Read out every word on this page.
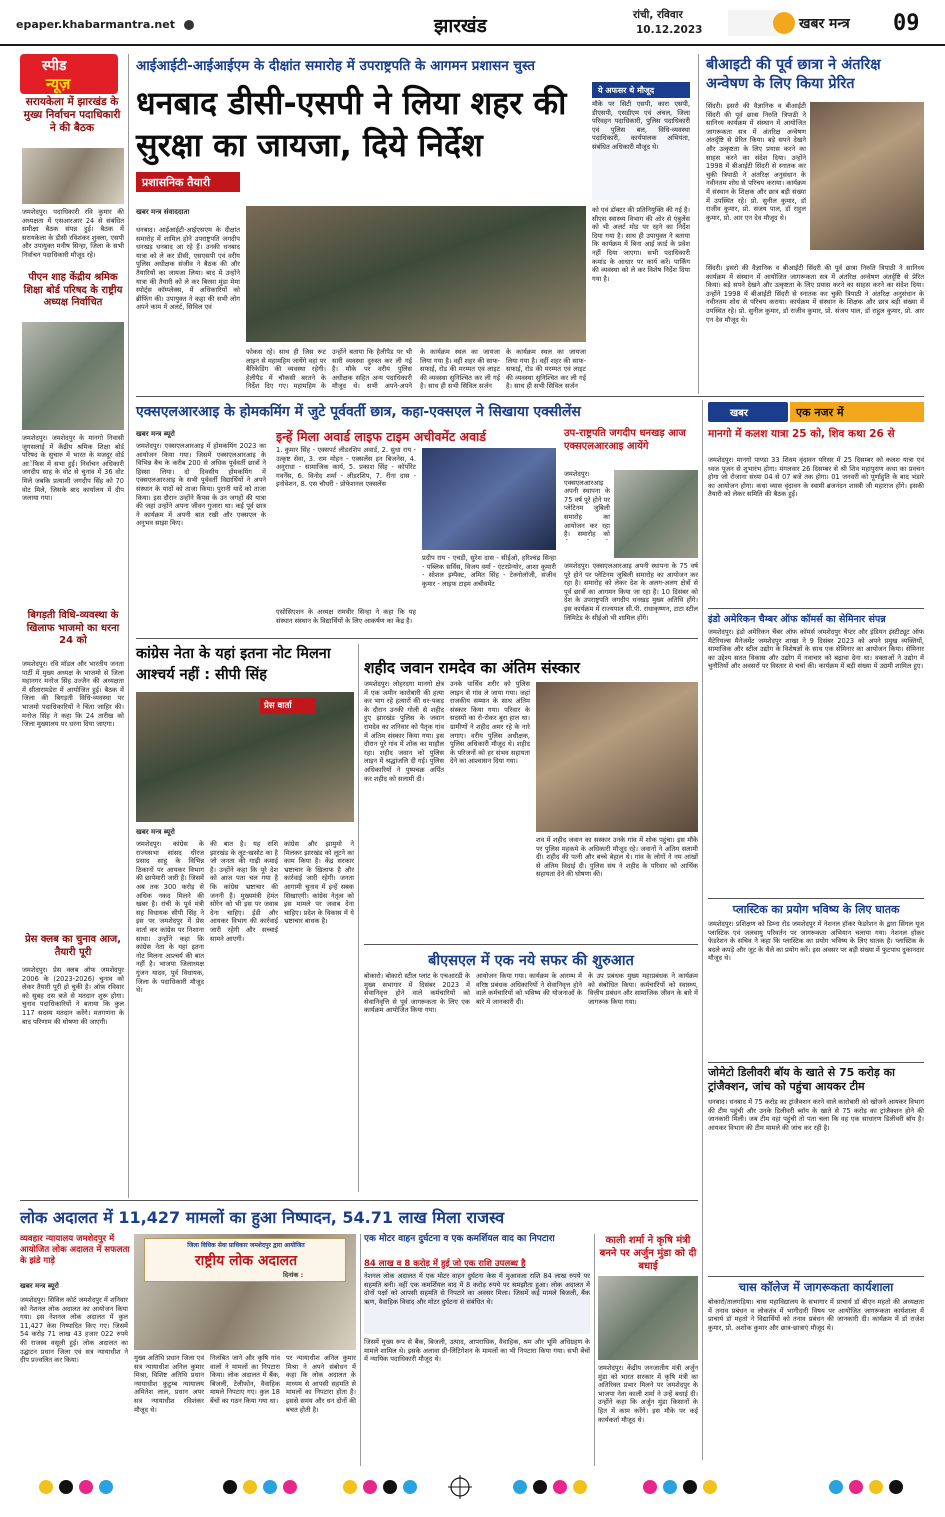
epaper.khabarmantra.net	झारखंड	रांची, रविवार
10.12.2023	खबर मन्त्र 09
स्पीड
न्यूज़
सरायकेला में झारखंड के मुख्य निर्वाचन पदाधिकारी ने की बैठक
जमशेदपुर। पदाधिकारी रवि कुमार की अध्यक्षता में एसआरआर 24 से संबंधित समीक्षा बैठक संपन्न हुई। बैठक में सरायकेला के डीसी रविशंकर शुक्ला, एसपी और उपायुक्त मनीष सिन्हा, जिला के सभी निर्वाचन पदाधिकारी मौजूद रहे।
पीएन शाह केंद्रीय श्रमिक शिक्षा बोर्ड परिषद के राष्ट्रीय अध्यक्ष निर्वाचित
जमशेदपुर। जमशेदपुर के मानगो निवासी जुगसलाई में केंद्रीय श्रमिक शिक्षा बोर्ड परिषद के सुचारु में भारत के मजदूर वोर्ड आॅफिस में सभा हुई। निर्वाचन अधिकारी जगदीप साह के वोट से चुनाव में 36 वोट मिले जबकि प्रत्याशी जगदीप सिंह को 70 वोट मिले, जिसके बाद कार्यालय में दीप जलाया गया।
बिगड़ती विधि-व्यवस्था के खिलाफ भाजमो का धरना 24 को
जमशेदपुर। रवि मॉडल और भारतीय जनता पार्टी में मुख्य अध्यक्ष के भाजमो से जिला महानगर मनोज सिंह उज्जैन की अध्यक्षता में सीतारामडेरा में आयोजित हुई। बैठक में जिला की बिगड़ती विधि-व्यवस्था पर भाजमो पदाधिकारियों ने चिंता जाहिर की। मनोज सिंह ने कहा कि 24 तारीख को जिला मुख्यालय पर धरना दिया जाएगा।
प्रेस क्लब का चुनाव आज, तैयारी पूरी
जमशेदपुर। प्रेस क्लब ऑफ जमशेदपुर 2006 के (2023-2026) चुनाव को लेकर तैयारी पूरी हो चुकी है। ऑफ रविवार को सुबह दस बजे से मतदान शुरू होगा। चुनाव पदाधिकारियों ने बताया कि कुल 117 सदस्य मतदान करेंगे। मतगणना के बाद परिणाम की घोषणा की जाएगी।
आईआईटी-आईआईएम के दीक्षांत समारोह में उपराष्ट्रपति के आगमन प्रशासन चुस्त
धनबाद डीसी-एसपी ने लिया शहर की सुरक्षा का जायजा, दिये निर्देश
प्रशासनिक तैयारी
खबर मन्त्र संवाददाता
धनबाद। आईआईटी-आईएसएम के दीक्षांत समारोह में शामिल होने उपराष्ट्रपति जगदीप धनखड़ धनबाद आ रहे हैं। उनकी धनबाद यात्रा को ले कर डीसी, एसएसपी एवं वरीय पुलिस अधीक्षक संजीव ने बैठक की और तैयारियों का जायजा लिया। बाद में उन्होंने यात्रा की तैयारी को ले कर बिरसा मुंडा मेमा स्पोर्ट्स कॉम्प्लेक्स, में अधिकारियों को ब्रीफिंग की। उपायुक्त ने कहा की सभी लोग अपने काम में अलर्ट, सिविल एवं
फोकस रहे। साथ ही जिस रूट लाइन से महामहिम जायेंगे वहां पर बैरिकेडिंग की व्यवस्था रहेगी। हेलीपैड में चौकसी बरतने के निर्देश दिए गए। महामहिम के
उन्होंने बताया कि हैलीपैड पर भी सारी व्यवस्था दुरुस्त कर ली गई है। मौके पर वरीय पुलिस अधीक्षक सहित अन्य पदाधिकारी मौजूद थे। सभी अपने-अपने
के कार्यक्रम स्थल का जायजा लिया गया है। वहीं शहर की साफ-सफाई, रोड की मरम्मत एवं लाइट की व्यवस्था सुनिश्चित कर ली गई है। साथ ही सभी सिविल सर्जन
के कार्यक्रम स्थल का जायजा लिया गया है। वहीं शहर की साफ-सफाई, रोड की मरम्मत एवं लाइट की व्यवस्था सुनिश्चित कर ली गई है। साथ ही सभी सिविल सर्जन
ये अफसर थे मौजूद
मौके पर सिटी एसपी, कारा एसपी, डीएसपी, एसडीएम एवं अंचल, जिला परिवहन पदाधिकारी, पुलिस पदाधिकारी एवं पुलिस बल, विधि-व्यवस्था पदाधिकारी, कार्यपालक अभियंता, संबंधित अधिकारी मौजूद थे।
को एवं डॉक्टर की प्रतिनियुक्ति की गई है। सीएस स्वास्थ्य विभाग की ओर से एंबुलेंस को भी अलर्ट मोड पर रहने का निर्देश दिया गया है। साथ ही उपायुक्त ने बताया कि कार्यक्रम में बिना आई कार्ड के प्रवेश नहीं दिया जाएगा। सभी पदाधिकारी कमांड के आधार पर कार्य करें। पार्किंग की व्यवस्था को ले कर विशेष निर्देश दिया गया है।
बीआइटी की पूर्व छात्रा ने अंतरिक्ष अन्वेषण के लिए किया प्रेरित
सिंदरी। इसरो की वैज्ञानिक व बीआईटी सिंदरी की पूर्व छात्रा निरुति त्रिपाठी ने सानिध्य कार्यक्रम में संस्थान में आयोजित जागरूकता सत्र में अंतरिक्ष अन्वेषण अंतर्दृष्टि से प्रेरित किया। बड़े सपने देखने और उत्कृष्टता के लिए प्रयास करने का साहस करने का संदेश दिया। उन्होंने 1998 में बीआईटी सिंदरी से स्नातक कर चुकी त्रिपाठी ने अंतरिक्ष अनुसंधान के नवीनतम शोध से परिचय कराया। कार्यक्रम में संस्थान के शिक्षक और छात्र बड़ी संख्या में उपस्थित रहे। प्रो. सुनील कुमार, डॉ राजीव कुमार, प्रो. संजय पाल, डॉ राहुल कुमार, प्रो. आर एन देव मौजूद थे।
सिंदरी। इसरो की वैज्ञानिक व बीआईटी सिंदरी की पूर्व छात्रा निरुति त्रिपाठी ने सानिध्य कार्यक्रम में संस्थान में आयोजित जागरूकता सत्र में अंतरिक्ष अन्वेषण अंतर्दृष्टि से प्रेरित किया। बड़े सपने देखने और उत्कृष्टता के लिए प्रयास करने का साहस करने का संदेश दिया। उन्होंने 1998 में बीआईटी सिंदरी से स्नातक कर चुकी त्रिपाठी ने अंतरिक्ष अनुसंधान के नवीनतम शोध से परिचय कराया। कार्यक्रम में संस्थान के शिक्षक और छात्र बड़ी संख्या में उपस्थित रहे। प्रो. सुनील कुमार, डॉ राजीव कुमार, प्रो. संजय पाल, डॉ राहुल कुमार, प्रो. आर एन देव मौजूद थे।
एक्सएलआरआइ के होमकमिंग में जुटे पूर्ववर्ती छात्र, कहा-एक्सएल ने सिखाया एक्सीलेंस
खबर मन्त्र ब्यूरो
जमशेदपुर। एक्सएलआरआइ में होमकमिंग 2023 का आयोजन किया गया। जिसमें एक्सएलआरआइ के विभिन्न बैच के करीब 200 से अधिक पूर्ववर्ती छात्रों ने हिस्सा लिया। दो दिवसीय होमकमिंग में एक्सएलआरआइ के सभी पूर्ववर्ती विद्यार्थियों ने अपने संस्थान के यादों को ताजा किया। पुरानी यादें को ताजा किया। इस दौरान उन्होंने कैंपस के उन जगहों की यात्रा की जहां उन्होंने अपना जीवन गुजारा था। कई पूर्व छात्र ने कार्यक्रम में अपनी बात रखी और एक्सएल के अनुभव साझा किए।
इन्हें मिला अवार्ड लाइफ टाइम अचीवमेंट अवार्ड
1. कुमार सिंह - एक्सपर्ट लीडरशिप अवार्ड, 2. सुधा राय - उत्कृष्ट सेवा, 3. राम मोहन - एक्सलेंस इन बिजनेस, 4. अनुराधा - सामाजिक कार्य, 5. प्रकाश सिंह - कॉर्पोरेट गवर्नेंस, 6. विनोद शर्मा - लीडरशिप, 7. रीना दास - इनोवेशन, 8. एस चौधरी - प्रोफेशनल एक्सलेंस
प्रदीप राय - एचडी, सुरेश दास - सीईओ, हरिश्चंद्र सिन्हा - पब्लिक सर्विस, विजय वर्मा - एंटरप्रेन्योर, आशा कुमारी - सोशल इम्पैक्ट, अमित सिंह - टेक्नोलॉजी, संजीव कुमार - लाइफ टाइम अचीवमेंट
एसोसिएशन के अध्यक्ष रामवीर सिन्हा ने कहा कि यह संस्थान संस्थान के विद्यार्थियों के लिए आकर्षण का केंद्र है।
उप-राष्ट्रपति जगदीप धनखड़ आज एक्सएलआरआइ आयेंगे
जमशेदपुर। एक्सएलआरआइ अपनी स्थापना के 75 वर्ष पूरे होने पर प्लेटिनम जुबिली समारोह का आयोजन कर रहा है। समारोह को
जमशेदपुर। एक्सएलआरआइ अपनी स्थापना के 75 वर्ष पूरे होने पर प्लेटिनम जुबिली समारोह का आयोजन कर रहा है। समारोह को लेकर देश के अलग-अलग क्षेत्रों से पूर्व छात्रों का आगमन किया जा रहा है। 10 दिसंबर को देश के उपराष्ट्रपति जगदीप धनखड़ मुख्य अतिथि होंगे। इस कार्यक्रम में राज्यपाल सी.पी. राधाकृष्णन, टाटा स्टील लिमिटेड के सीईओ भी शामिल होंगे।
खबर	एक नजर में
मानगो में कलश यात्रा 25 को, शिव कथा 26 से
जमशेदपुर। मानगो पाण्डा 33 शिवम वृंदावन परिसर में 25 दिसम्बर को कलश यात्रा एवं ध्वज पूजन से शुभारंभ होगा। मंगलवार 26 दिसम्बर से श्री शिव महापुराण कथा का प्रवचन होगा जो रोजाना संध्या 04 से 07 बजे तक होगा। 01 जनवरी को पूर्णाहुति के बाद भंडारे का आयोजन होगा। कथा व्यास वृंदावन के स्वामी ब्रजनंदन शास्त्री जी महाराज होंगे। इसकी तैयारी को लेकर समिति की बैठक हुई।
इंडो अमेरिकन चैम्बर ऑफ कॉमर्स का सेमिनार संपन्न
जमशेदपुर। इंडो अमेरिकन चैंबर ऑफ कॉमर्स जमशेदपुर चैप्टर और इंडियन इंस्टीट्यूट ऑफ मैटेरियल्स मैनेजमेंट जमशेदपुर शाखा ने 9 दिसंबर 2023 को अपने प्रमुख व्यक्तियों, सामाजिक और स्टील उद्योग के विशेषज्ञों के साथ एक सेमिनार का आयोजन किया। सेमिनार का उद्देश्य सतत विकास और उद्योग में नवाचार को बढ़ावा देना था। वक्ताओं ने उद्योग में चुनौतियों और अवसरों पर विस्तार से चर्चा की। कार्यक्रम में बड़ी संख्या में उद्यमी शामिल हुए।
प्लास्टिक का प्रयोग भविष्य के लिए घातक
जमशेदपुर। प्रशिक्षण को डिम्ना रोड जमशेदपुर में नेशनल हॉकर फेडरेशन के द्वारा सिंगल यूज प्लास्टिक एवं जलवायु परिवर्तन पर जागरूकता अभियान चलाया गया। नेशनल हॉकर फेडरेशन के सचिव ने कहा कि प्लास्टिक का प्रयोग भविष्य के लिए घातक है। प्लास्टिक के बदले कपड़े और जूट के थैले का प्रयोग करें। इस अवसर पर बड़ी संख्या में फुटपाथ दुकानदार मौजूद थे।
जोमेटो डिलीवरी बॉय के खाते से 75 करोड़ का ट्रांजैक्शन, जांच को पहुंचा आयकर टीम
धनबाद। धनबाद में 75 करोड़ का ट्रांजैक्शन करने वाले कारोबारी को खोजने आयकर विभाग की टीम पहुंची और उनके डिलीवरी ब्वॉय के खाते से 75 करोड़ का ट्रांजैक्शन होने की जानकारी मिली। जब टीम वहां पहुंची तो पता चला कि वह एक साधारण डिलीवरी बॉय है। आयकर विभाग की टीम मामले की जांच कर रही है।
चास कॉलेज में जागरूकता कार्यशाला
बोकारो/तालगड़िया। चास महाविद्यालय के सभागार में प्राचार्य डॉ बीएन महतो की अध्यक्षता में तनाव प्रबंधन व लोकतंत्र में भागीदारी विषय पर आयोजित जागरूकता कार्यशाला में प्राचार्य डॉ महतो ने विद्यार्थियों को तनाव प्रबंधन की जानकारी दी। कार्यक्रम में डॉ राजेश कुमार, प्रो. अशोक कुमार और छात्र-छात्राएं मौजूद थे।
कांग्रेस नेता के यहां इतना नोट मिलना आश्चर्य नहीं : सीपी सिंह
प्रेस वार्ता
खबर मन्त्र ब्यूरो
जमशेदपुर। कांग्रेस के राज्यसभा सांसद धीरज प्रसाद साहू के विभिन्न ठिकानों पर आयकर विभाग की छापेमारी जारी है। जिसमें अब तक 300 करोड़ से अधिक नकद मिलने की खबर है। रांची के पूर्व मंत्री सह विधायक सीपी सिंह ने इस पर जमशेदपुर में प्रेस वार्ता कर कांग्रेस पर निशाना साधा। उन्होंने कहा कि कांग्रेस नेता के यहां इतना नोट मिलना आश्चर्य की बात नहीं है। भाजपा जिलाध्यक्ष गुंजन यादव, पूर्व विधायक, जिला के पदाधिकारी मौजूद थे।
की बात है। यह राशि झारखंड के लूट-खसोट का है जो जनता की गाढ़ी कमाई है। उन्होंने कहा कि पूरे देश को आज पता चल गया है कि कांग्रेस भ्रष्टाचार की जननी है। मुख्यमंत्री हेमंत सोरेन को भी इस पर जवाब देना चाहिए। ईडी और आयकर विभाग की कार्रवाई जारी रहेगी और सच्चाई सामने आएगी।
कांग्रेस और झामुमो ने मिलकर झारखंड को लूटने का काम किया है। केंद्र सरकार भ्रष्टाचार के खिलाफ है और कार्रवाई जारी रहेगी। जनता आगामी चुनाव में इन्हें सबक सिखाएगी। कांग्रेस नेतृत्व को इस मामले पर जवाब देना चाहिए। प्रदेश के विकास में ये भ्रष्टाचार बाधक है।
शहीद जवान रामदेव का अंतिम संस्कार
जमशेदपुर। लोहरदगा मानगो क्षेत्र में एक जमीन कारोबारी की हत्या कर भाग रहे हत्यारों की धर-पकड़ के दौरान उनकी गोली से शहीद हुए झारखंड पुलिस के जवान रामदेव का शनिवार को पैतृक गांव में अंतिम संस्कार किया गया। इस दौरान पूरे गांव में शोक का माहौल रहा। शहीद जवान को पुलिस लाइन में श्रद्धांजलि दी गई। पुलिस अधिकारियों ने पुष्पचक्र अर्पित कर शहीद को सलामी दी।
उनके पार्थिव शरीर को पुलिस लाइन से गांव ले जाया गया। जहां राजकीय सम्मान के साथ अंतिम संस्कार किया गया। परिवार के सदस्यों का रो-रोकर बुरा हाल था। ग्रामीणों ने शहीद अमर रहे के नारे लगाए। वरीय पुलिस अधीक्षक, पुलिस अधिकारी मौजूद थे। शहीद के परिजनों को हर संभव सहायता देने का आश्वासन दिया गया।
शव में शहीद जवान का सस्कार उनके गांव में शोक पहुंचा। इस मौके पर पुलिस महकमे के अधिकारी मौजूद रहे। जवानों ने अंतिम सलामी दी। शहीद की पत्नी और बच्चे बेहाल थे। गांव के लोगों ने नम आंखों से अंतिम विदाई दी। पुलिस संघ ने शहीद के परिवार को आर्थिक सहायता देने की घोषणा की।
बीएसएल में एक नये सफर की शुरुआत
बोकारो। बोकारो स्टील प्लांट के एचआरडी के मुख्य सभागार में दिसंबर 2023 में सेवानिवृत्त होने वाले कर्मचारियों को सेवानिवृत्ति से पूर्व जागरूकता के लिए एक कार्यक्रम आयोजित किया गया।
आयोजन किया गया। कार्यक्रम के आरम्भ में वरिष्ठ प्रबंधक अधिकारियों ने सेवानिवृत्त होने वाले कर्मचारियों को भविष्य की योजनाओं के बारे में जानकारी दी।
के उप प्रबंधक मुख्य महाप्रबंधक ने कार्यक्रम को संबोधित किया। कर्मचारियों को स्वास्थ्य, वित्तीय प्रबंधन और सामाजिक जीवन के बारे में जागरूक किया गया।
लोक अदालत में 11,427 मामलों का हुआ निष्पादन, 54.71 लाख मिला राजस्व
व्यवहार न्यायालय जमशेदपुर में आयोजित लोक अदालत में सफलता के झंडे गाड़े
खबर मन्त्र ब्यूरो
जमशेदपुर। सिविल कोर्ट जमशेदपुर में शनिवार को नेशनल लोक अदालत का आयोजन किया गया। इस नेशनल लोक अदालत में कुल 11,427 केस निष्पादित किए गए। जिसमें 54 करोड़ 71 लाख 43 हजार 022 रुपये की राजस्व वसूली हुई। लोक अदालत का उद्घाटन प्रधान जिला एवं सत्र न्यायाधीश ने दीप प्रज्वलित कर किया।
जिला विधिक सेवा प्राधिकार जमशेदपुर द्वारा आयोजित
राष्ट्रीय लोक अदालत
दिनांक :
मुख्य अतिथि प्रधान जिला एवं सत्र न्यायाधीश अनिल कुमार मिश्रा, विशिष्ट अतिथि प्रधान न्यायाधीश कुटुम्ब न्यायालय अमितेश लाल, प्रधान अपर सत्र न्यायाधीश रविशंकर मौजूद थे।
निलंबित जाने और कृषि गांव वालों ने मामलों का निपटारा किया। लोक अदालत में बैंक, बिजली, टेलीफोन, वैवाहिक मामले निपटाए गए। कुल 18 बेंचों का गठन किया गया था।
पर न्यायाधीश अनिल कुमार मिश्रा ने अपने संबोधन में कहा कि लोक अदालत के माध्यम से आपसी सहमति से मामलों का निपटारा होता है। इससे समय और धन दोनों की बचत होती है।
एक मोटर वाहन दुर्घटना व एक कमर्शियल वाद का निपटारा
84 लाख व 8 करोड़ में हुई जो एक राशि उपलब्ध है
नेशनल लोक अदालत में एक मोटर वाहन दुर्घटना केस में मुआवजा राशि 84 लाख रुपये पर सहमति बनी। वहीं एक कमर्शियल वाद में 8 करोड़ रुपये पर समझौता हुआ। लोक अदालत में दोनों पक्षों को आपसी सहमति से निपटारे का अवसर मिला। जिसमें कई मामले बिजली, बैंक ऋण, वैवाहिक विवाद और मोटर दुर्घटना से संबंधित थे।
जिसमें मुख्य रूप से बैंक, बिजली, उत्पाद, आपराधिक, वैवाहिक, श्रम और भूमि अधिग्रहण के मामले शामिल थे। इसके अलावा प्री-लिटिगेशन के मामलों का भी निपटारा किया गया। सभी बेंचों में न्यायिक पदाधिकारी मौजूद थे।
काली शर्मा ने कृषि मंत्री बनने पर अर्जुन मुंडा को दी बधाई
जमशेदपुर। केंद्रीय जनजातीय मंत्री अर्जुन मुंडा को भारत सरकार में कृषि मंत्री का अतिरिक्त प्रभार मिलने पर जमशेदपुर के भाजपा नेता काली शर्मा ने उन्हें बधाई दी। उन्होंने कहा कि अर्जुन मुंडा किसानों के हित में काम करेंगे। इस मौके पर कई कार्यकर्ता मौजूद थे।
